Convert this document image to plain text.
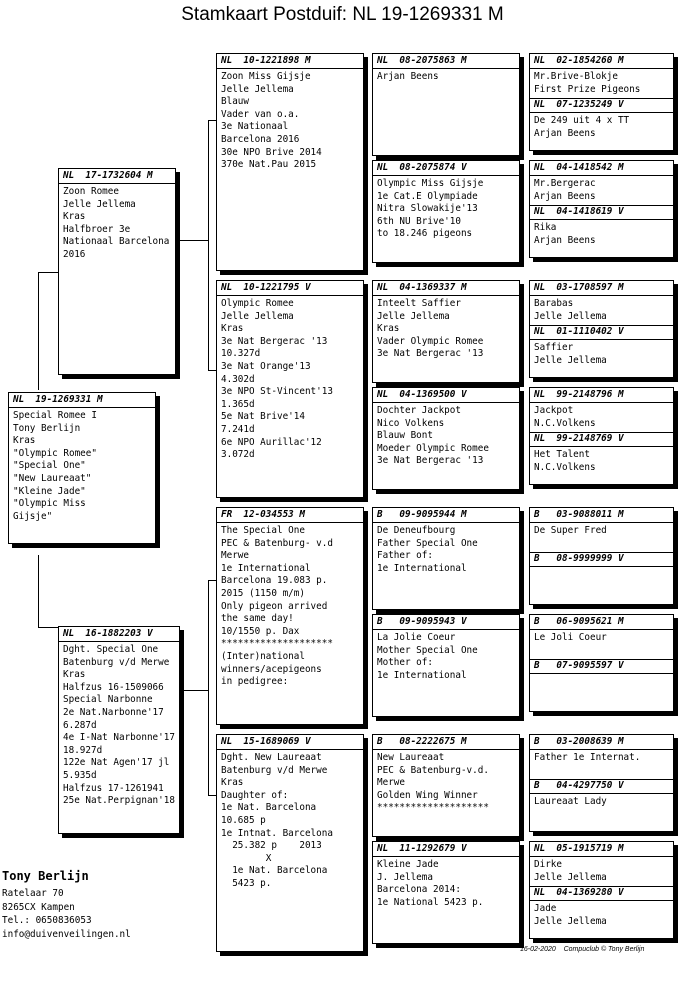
Stamkaart Postduif: NL 19-1269331 M
NL  19-1269331 M
Special Romee I
Tony Berlijn
Kras
"Olympic Romee"
"Special One"
"New Laureaat"
"Kleine Jade"
"Olympic Miss
Gijsje"
NL  17-1732604 M
Zoon Romee
Jelle Jellema
Kras
Halfbroer 3e
Nationaal Barcelona
2016
NL  16-1882203 V
Dght. Special One
Batenburg v/d Merwe
Kras
Halfzus 16-1509066
Special Narbonne
2e Nat.Narbonne'17
6.287d
4e I-Nat Narbonne'17
18.927d
122e Nat Agen'17 jl
5.935d
Halfzus 17-1261941
25e Nat.Perpignan'18
NL  10-1221898 M
Zoon Miss Gijsje
Jelle Jellema
Blauw
Vader van o.a.
3e Nationaal
Barcelona 2016
30e NPO Brive 2014
370e Nat.Pau 2015
NL  10-1221795 V
Olympic Romee
Jelle Jellema
Kras
3e Nat Bergerac '13
10.327d
3e Nat Orange'13
4.302d
3e NPO St-Vincent'13
1.365d
5e Nat Brive'14
7.241d
6e NPO Aurillac'12
3.072d
FR  12-034553 M
The Special One
PEC & Batenburg- v.d
Merwe
1e International
Barcelona 19.083 p.
2015 (1150 m/m)
Only pigeon arrived
the same day!
10/1550 p. Dax
********************
(Inter)national
winners/acepigeons
in pedigree:
NL  15-1689069 V
Dght. New Laureaat
Batenburg v/d Merwe
Kras
Daughter of:
1e Nat. Barcelona
10.685 p
1e Intnat. Barcelona
25.382 p    2013
X
1e Nat. Barcelona
5423 p.
NL  08-2075863 M
Arjan Beens
NL  08-2075874 V
Olympic Miss Gijsje
1e Cat.E Olympiade
Nitra Slowakije'13
6th NU Brive'10
to 18.246 pigeons
NL  04-1369337 M
Inteelt Saffier
Jelle Jellema
Kras
Vader Olympic Romee
3e Nat Bergerac '13
NL  04-1369500 V
Dochter Jackpot
Nico Volkens
Blauw Bont
Moeder Olympic Romee
3e Nat Bergerac '13
B   09-9095944 M
De Deneufbourg
Father Special One
Father of:
1e International
B   09-9095943 V
La Jolie Coeur
Mother Special One
Mother of:
1e International
B   08-2222675 M
New Laureaat
PEC & Batenburg-v.d.
Merwe
Golden Wing Winner
********************
NL  11-1292679 V
Kleine Jade
J. Jellema
Barcelona 2014:
1e National 5423 p.
NL  02-1854260 M
Mr.Brive-Blokje
First Prize Pigeons
NL  07-1235249 V
De 249 uit 4 x TT
Arjan Beens
NL  04-1418542 M
Mr.Bergerac
Arjan Beens
NL  04-1418619 V
Rika
Arjan Beens
NL  03-1708597 M
Barabas
Jelle Jellema
NL  01-1110402 V
Saffier
Jelle Jellema
NL  99-2148796 M
Jackpot
N.C.Volkens
NL  99-2148769 V
Het Talent
N.C.Volkens
B   03-9088011 M
De Super Fred
B   08-9999999 V
B   06-9095621 M
Le Joli Coeur
B   07-9095597 V
B   03-2008639 M
Father 1e Internat.
B   04-4297750 V
Laureaat Lady
NL  05-1915719 M
Dirke
Jelle Jellema
NL  04-1369280 V
Jade
Jelle Jellema
Tony Berlijn
Ratelaar 70
8265CX Kampen
Tel.: 0650836053
info@duivenveilingen.nl
16-02-2020    Compuclub © Tony Berlijn
